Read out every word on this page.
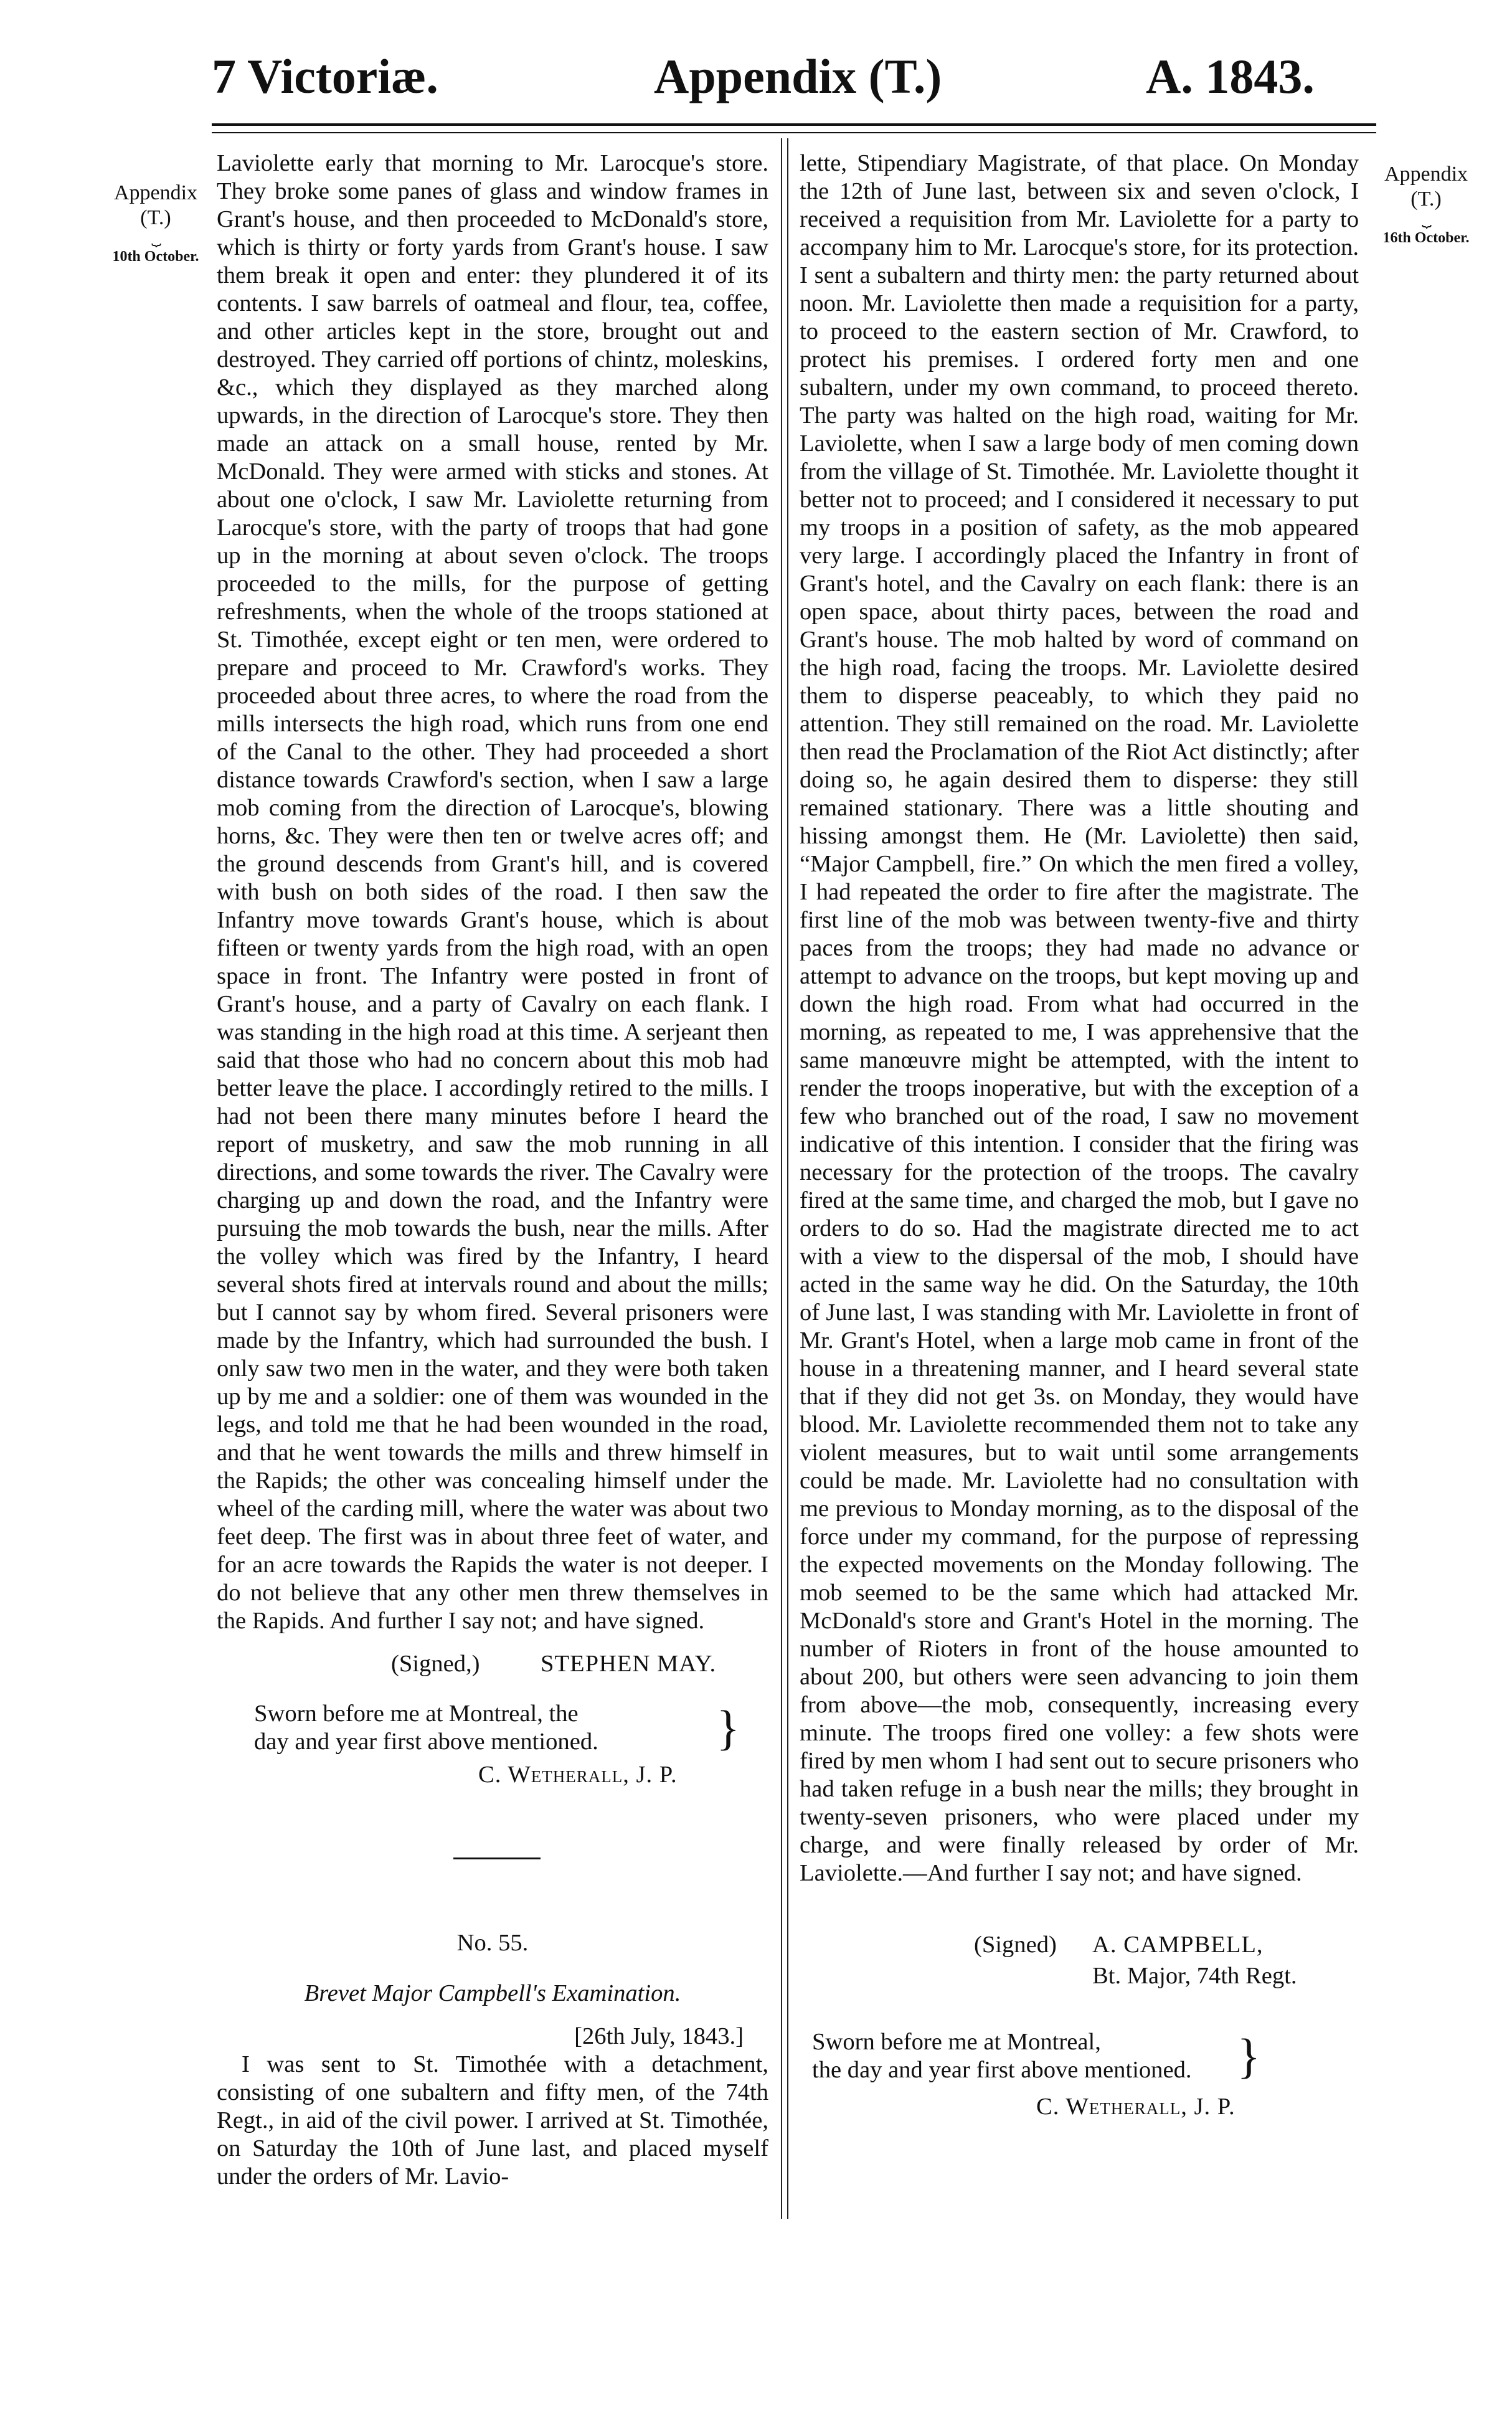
7 Victoriæ.	Appendix (T.)	A. 1843.
Appendix
(T.)
⏟
10th October.
Appendix
(T.)
⏟
16th October.

Laviolette early that morning to Mr. Larocque's store. They broke some panes of glass and window frames in Grant's house, and then proceeded to McDonald's store, which is thirty or forty yards from Grant's house. I saw them break it open and enter: they plundered it of its contents. I saw barrels of oatmeal and flour, tea, coffee, and other articles kept in the store, brought out and destroyed. They carried off portions of chintz, moleskins, &c., which they displayed as they marched along upwards, in the direction of Larocque's store. They then made an attack on a small house, rented by Mr. McDonald. They were armed with sticks and stones. At about one o'clock, I saw Mr. Laviolette returning from Larocque's store, with the party of troops that had gone up in the morning at about seven o'clock. The troops proceeded to the mills, for the purpose of getting refreshments, when the whole of the troops stationed at St. Timothée, except eight or ten men, were ordered to prepare and proceed to Mr. Crawford's works. They proceeded about three acres, to where the road from the mills intersects the high road, which runs from one end of the Canal to the other. They had proceeded a short distance towards Crawford's section, when I saw a large mob coming from the direction of Larocque's, blowing horns, &c. They were then ten or twelve acres off; and the ground descends from Grant's hill, and is covered with bush on both sides of the road. I then saw the Infantry move towards Grant's house, which is about fifteen or twenty yards from the high road, with an open space in front. The Infantry were posted in front of Grant's house, and a party of Cavalry on each flank. I was standing in the high road at this time. A serjeant then said that those who had no concern about this mob had better leave the place. I accordingly retired to the mills. I had not been there many minutes before I heard the report of musketry, and saw the mob running in all directions, and some towards the river. The Cavalry were charging up and down the road, and the Infantry were pursuing the mob towards the bush, near the mills. After the volley which was fired by the Infantry, I heard several shots fired at intervals round and about the mills; but I cannot say by whom fired. Several prisoners were made by the Infantry, which had surrounded the bush. I only saw two men in the water, and they were both taken up by me and a soldier: one of them was wounded in the legs, and told me that he had been wounded in the road, and that he went towards the mills and threw himself in the Rapids; the other was concealing himself under the wheel of the carding mill, where the water was about two feet deep. The first was in about three feet of water, and for an acre towards the Rapids the water is not deeper. I do not believe that any other men threw themselves in the Rapids. And further I say not; and have signed.

(Signed,)	STEPHEN MAY.
Sworn before me at Montreal, the
day and year first above mentioned.	}
C. Wetherall, J. P.
No. 55.
Brevet Major Campbell's Examination.
[26th July, 1843.]

I was sent to St. Timothée with a detachment, consisting of one subaltern and fifty men, of the 74th Regt., in aid of the civil power. I arrived at St. Timothée, on Saturday the 10th of June last, and placed myself under the orders of Mr. Lavio-

lette, Stipendiary Magistrate, of that place. On Monday the 12th of June last, between six and seven o'clock, I received a requisition from Mr. Laviolette for a party to accompany him to Mr. Larocque's store, for its protection. I sent a subaltern and thirty men: the party returned about noon. Mr. Laviolette then made a requisition for a party, to proceed to the eastern section of Mr. Crawford, to protect his premises. I ordered forty men and one subaltern, under my own command, to proceed thereto. The party was halted on the high road, waiting for Mr. Laviolette, when I saw a large body of men coming down from the village of St. Timothée. Mr. Laviolette thought it better not to proceed; and I considered it necessary to put my troops in a position of safety, as the mob appeared very large. I accordingly placed the Infantry in front of Grant's hotel, and the Cavalry on each flank: there is an open space, about thirty paces, between the road and Grant's house. The mob halted by word of command on the high road, facing the troops. Mr. Laviolette desired them to disperse peaceably, to which they paid no attention. They still remained on the road. Mr. Laviolette then read the Proclamation of the Riot Act distinctly; after doing so, he again desired them to disperse: they still remained stationary. There was a little shouting and hissing amongst them. He (Mr. Laviolette) then said, “Major Campbell, fire.” On which the men fired a volley, I had repeated the order to fire after the magistrate. The first line of the mob was between twenty-five and thirty paces from the troops; they had made no advance or attempt to advance on the troops, but kept moving up and down the high road. From what had occurred in the morning, as repeated to me, I was apprehensive that the same manœuvre might be attempted, with the intent to render the troops inoperative, but with the exception of a few who branched out of the road, I saw no movement indicative of this intention. I consider that the firing was necessary for the protection of the troops. The cavalry fired at the same time, and charged the mob, but I gave no orders to do so. Had the magistrate directed me to act with a view to the dispersal of the mob, I should have acted in the same way he did. On the Saturday, the 10th of June last, I was standing with Mr. Laviolette in front of Mr. Grant's Hotel, when a large mob came in front of the house in a threatening manner, and I heard several state that if they did not get 3s. on Monday, they would have blood. Mr. Laviolette recommended them not to take any violent measures, but to wait until some arrangements could be made. Mr. Laviolette had no consultation with me previous to Monday morning, as to the disposal of the force under my command, for the purpose of repressing the expected movements on the Monday following. The mob seemed to be the same which had attacked Mr. McDonald's store and Grant's Hotel in the morning. The number of Rioters in front of the house amounted to about 200, but others were seen advancing to join them from above—the mob, consequently, increasing every minute. The troops fired one volley: a few shots were fired by men whom I had sent out to secure prisoners who had taken refuge in a bush near the mills; they brought in twenty-seven prisoners, who were placed under my charge, and were finally released by order of Mr. Laviolette.—And further I say not; and have signed.

(Signed) A. CAMPBELL,
Bt. Major, 74th Regt.
Sworn before me at Montreal,
the day and year first above mentioned. }
C. Wetherall, J. P.
